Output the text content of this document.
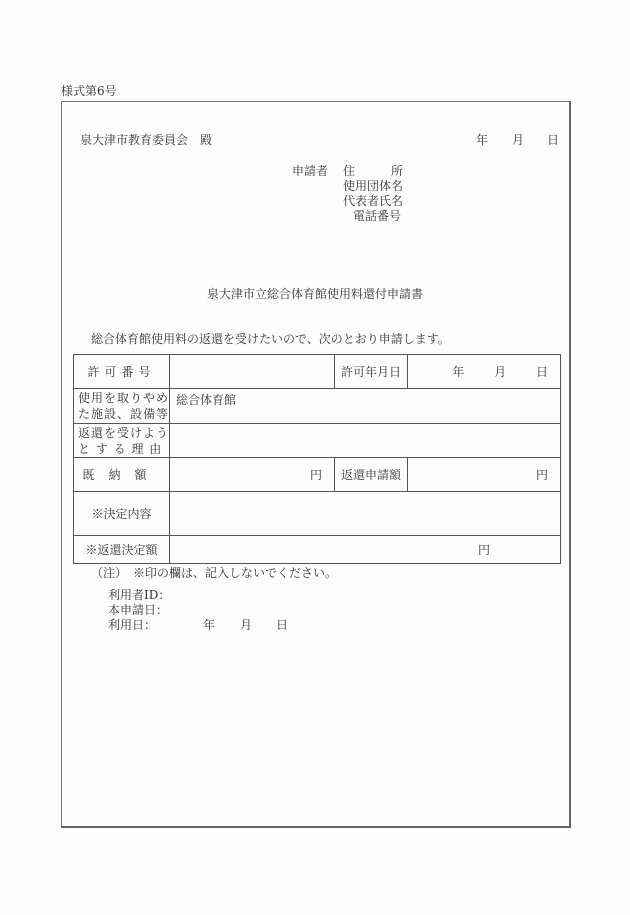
様式第6号
泉大津市教育委員会　殿	年 月 日
申請者 住　　　所
使用団体名
代表者氏名
電話番号
泉大津市立総合体育館使用料還付申請書
総合体育館使用料の返還を受けたいので、次のとおり申請します。
許可番号		許可年月日	年 月 日

使用を取りやめ
た施設、設備等	総合体育館		

返還を受けよう
と す る 理 由			

既納額	円	返還申請額	円
※決定内容			
※返還決定額	円		
（注）　※印の欄は、記入しないでください。
利用者ID：
本申請日：
利用日：	年 月 日
